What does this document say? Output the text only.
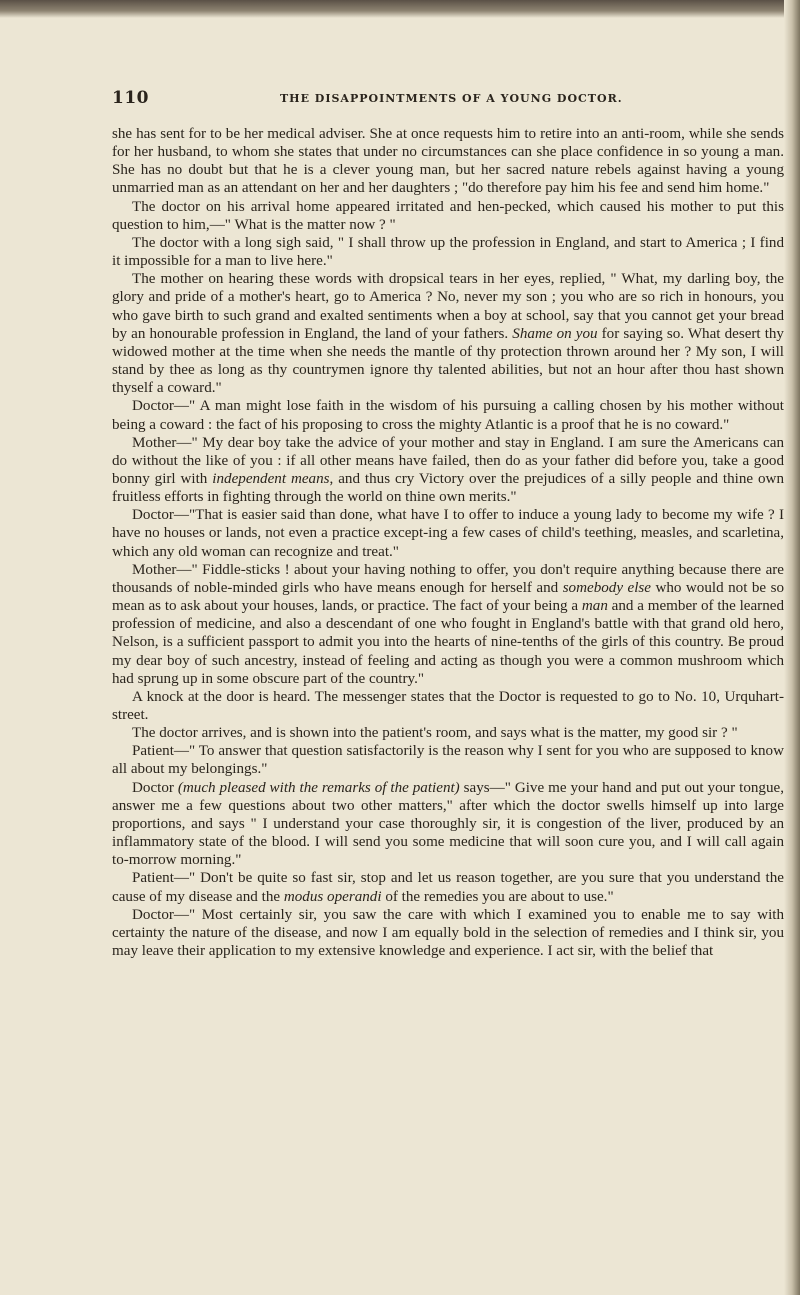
110	THE DISAPPOINTMENTS OF A YOUNG DOCTOR.

she has sent for to be her medical adviser. She at once requests him to retire into an anti-room, while she sends for her husband, to whom she states that under no circumstances can she place confidence in so young a man. She has no doubt but that he is a clever young man, but her sacred nature rebels against having a young unmarried man as an attendant on her and her daughters ; "do therefore pay him his fee and send him home."

The doctor on his arrival home appeared irritated and hen-pecked, which caused his mother to put this question to him,—" What is the matter now ? "

The doctor with a long sigh said, " I shall throw up the profession in England, and start to America ; I find it impossible for a man to live here."

The mother on hearing these words with dropsical tears in her eyes, replied, " What, my darling boy, the glory and pride of a mother's heart, go to America ? No, never my son ; you who are so rich in honours, you who gave birth to such grand and exalted sentiments when a boy at school, say that you cannot get your bread by an honourable profession in England, the land of your fathers. Shame on you for saying so. What desert thy widowed mother at the time when she needs the mantle of thy protection thrown around her ? My son, I will stand by thee as long as thy countrymen ignore thy talented abilities, but not an hour after thou hast shown thyself a coward."

Doctor—" A man might lose faith in the wisdom of his pursuing a calling chosen by his mother without being a coward : the fact of his proposing to cross the mighty Atlantic is a proof that he is no coward."

Mother—" My dear boy take the advice of your mother and stay in England. I am sure the Americans can do without the like of you : if all other means have failed, then do as your father did before you, take a good bonny girl with independent means, and thus cry Victory over the prejudices of a silly people and thine own fruitless efforts in fighting through the world on thine own merits."

Doctor—"That is easier said than done, what have I to offer to induce a young lady to become my wife ? I have no houses or lands, not even a practice except-ing a few cases of child's teething, measles, and scarletina, which any old woman can recognize and treat."

Mother—" Fiddle-sticks ! about your having nothing to offer, you don't require anything because there are thousands of noble-minded girls who have means enough for herself and somebody else who would not be so mean as to ask about your houses, lands, or practice. The fact of your being a man and a member of the learned profession of medicine, and also a descendant of one who fought in England's battle with that grand old hero, Nelson, is a sufficient passport to admit you into the hearts of nine-tenths of the girls of this country. Be proud my dear boy of such ancestry, instead of feeling and acting as though you were a common mushroom which had sprung up in some obscure part of the country."

A knock at the door is heard. The messenger states that the Doctor is requested to go to No. 10, Urquhart-street.

The doctor arrives, and is shown into the patient's room, and says what is the matter, my good sir ? "

Patient—" To answer that question satisfactorily is the reason why I sent for you who are supposed to know all about my belongings."

Doctor (much pleased with the remarks of the patient) says—" Give me your hand and put out your tongue, answer me a few questions about two other matters," after which the doctor swells himself up into large proportions, and says " I understand your case thoroughly sir, it is congestion of the liver, produced by an inflammatory state of the blood. I will send you some medicine that will soon cure you, and I will call again to-morrow morning."

Patient—" Don't be quite so fast sir, stop and let us reason together, are you sure that you understand the cause of my disease and the modus operandi of the remedies you are about to use."

Doctor—" Most certainly sir, you saw the care with which I examined you to enable me to say with certainty the nature of the disease, and now I am equally bold in the selection of remedies and I think sir, you may leave their application to my extensive knowledge and experience. I act sir, with the belief that
